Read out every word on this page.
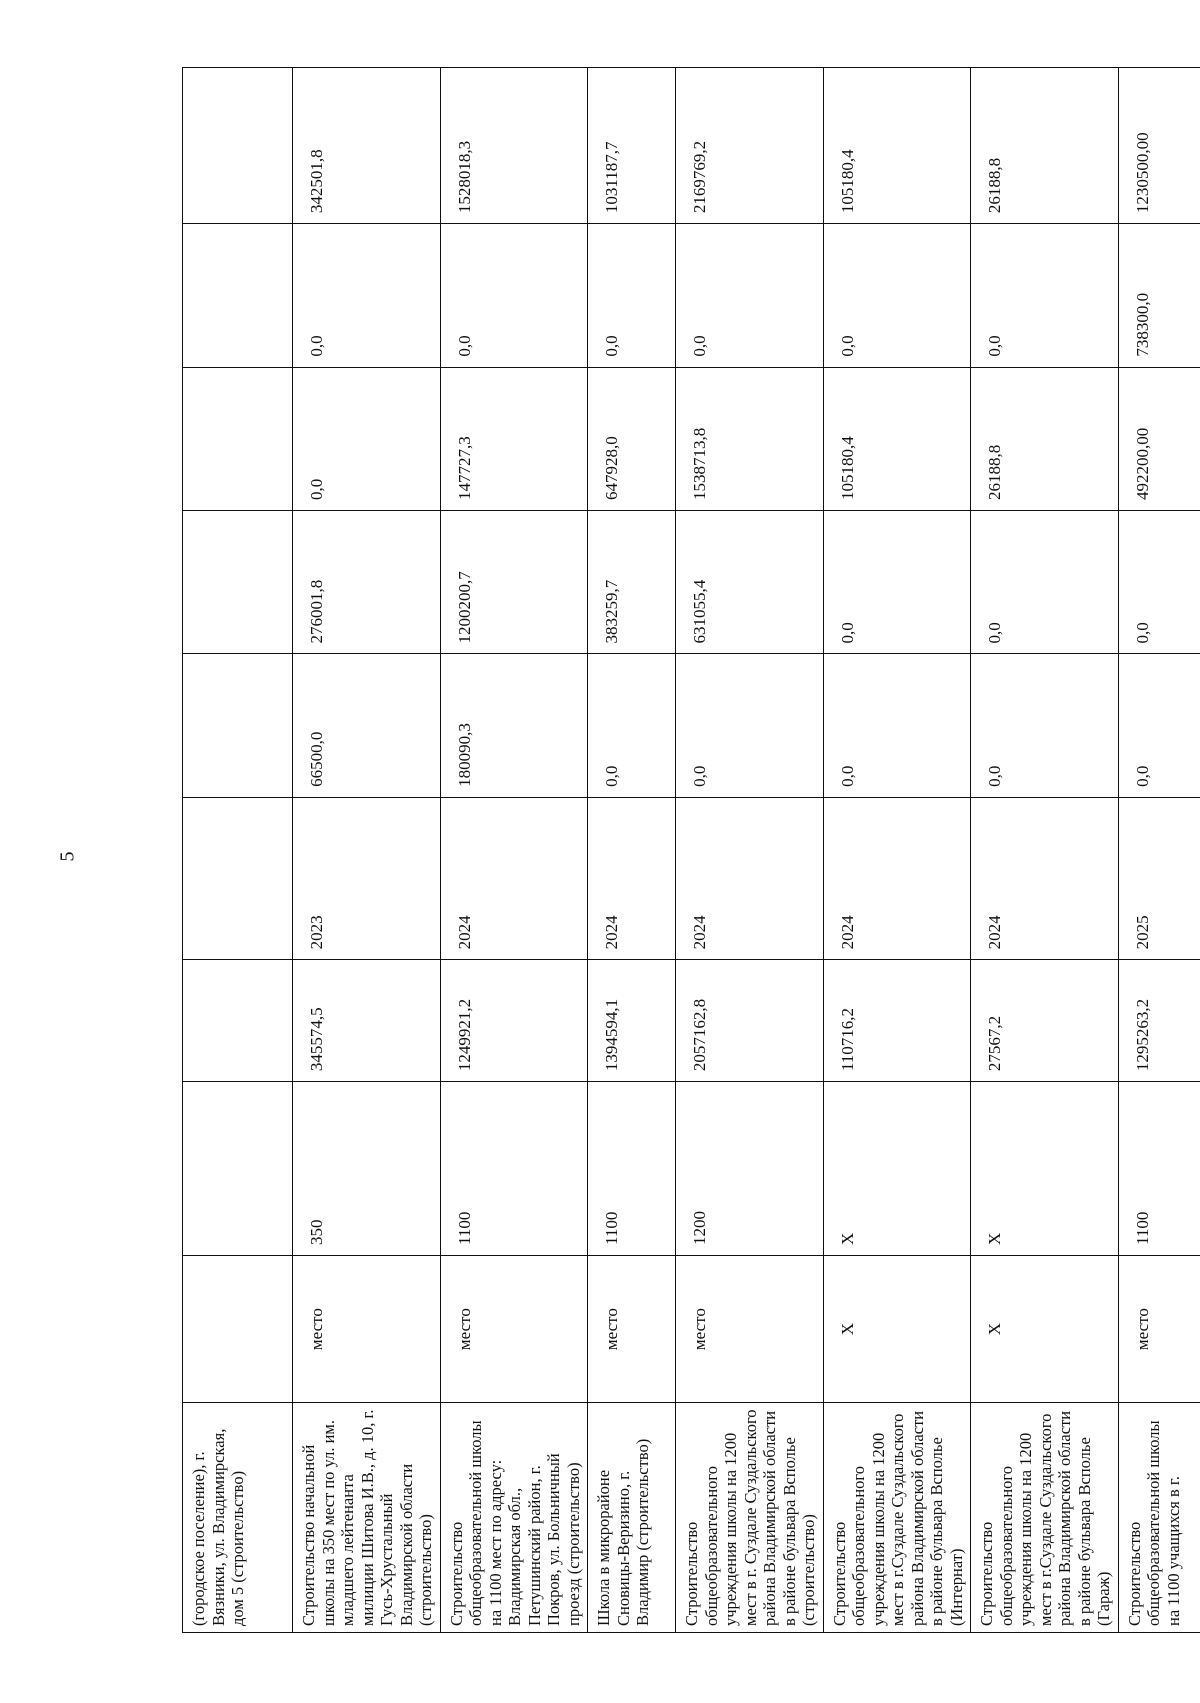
5
(городское поселение), г. Вязники, ул. Владимирская, дом 5 (строительство)									
Строительство начальной школы на 350 мест по ул. им. младшего лейтенанта милиции Шитова И.В., д. 10, г. Гусь-Хрустальный Владимирской области (строительство)	место	350	345574,5	2023	66500,0	276001,8	0,0	0,0	342501,8
Строительство общеобразовательной школы на 1100 мест по адресу: Владимирская обл., Петушинский район, г. Покров, ул. Больничный проезд (строительство)	место	1100	1249921,2	2024	180090,3	1200200,7	147727,3	0,0	1528018,3
Школа в микрорайоне Сновицы-Веризино, г. Владимир (строительство)	место	1100	1394594,1	2024	0,0	383259,7	647928,0	0,0	1031187,7
Строительство общеобразовательного учреждения школы на 1200 мест в г. Суздале Суздальского района Владимирской области в районе бульвара Всполье (строительство)	место	1200	2057162,8	2024	0,0	631055,4	1538713,8	0,0	2169769,2
Строительство общеобразовательного учреждения школы на 1200 мест в г.Суздале Суздальского района Владимирской области в районе бульвара Всполье (Интернат)	Х	Х	110716,2	2024	0,0	0,0	105180,4	0,0	105180,4
Строительство общеобразовательного учреждения школы на 1200 мест в г.Суздале Суздальского района Владимирской области в районе бульвара Всполье (Гараж)	Х	Х	27567,2	2024	0,0	0,0	26188,8	0,0	26188,8
Строительство общеобразовательной школы на 1100 учащихся в г.	место	1100	1295263,2	2025	0,0	0,0	492200,00	738300,0	1230500,00
